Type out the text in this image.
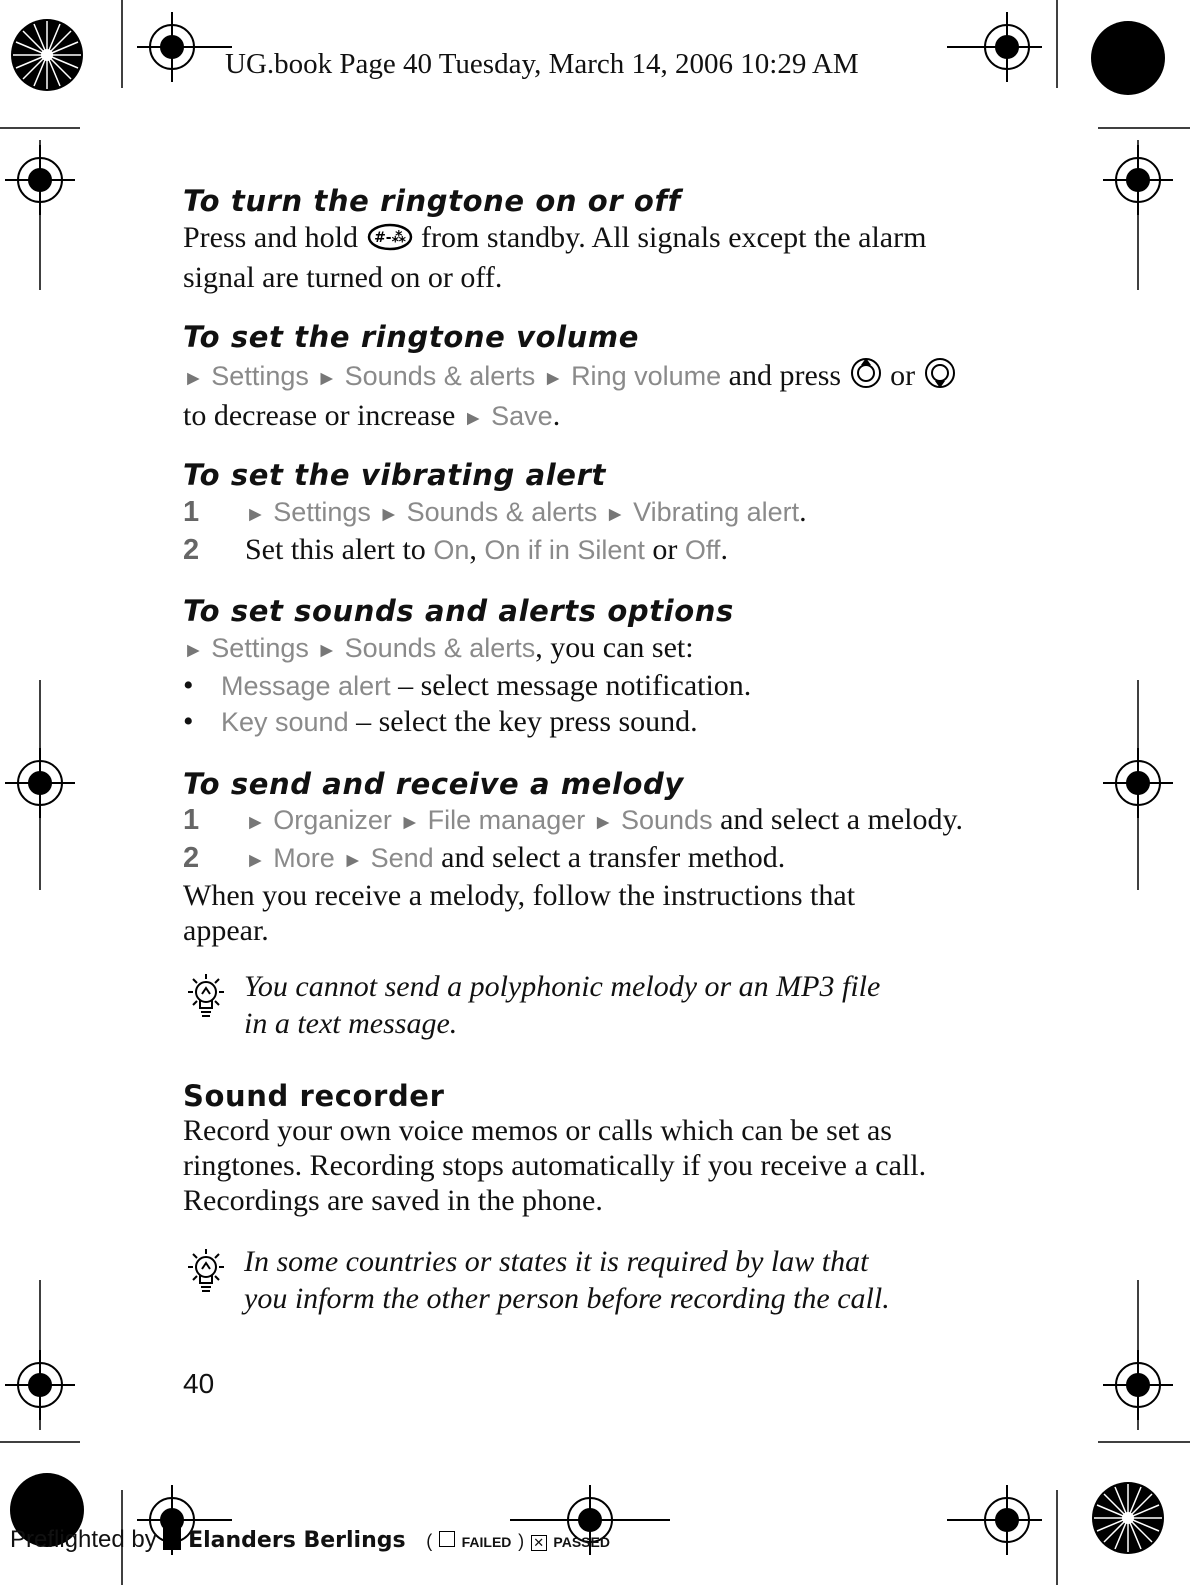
UG.book Page 40 Tuesday, March 14, 2006 10:29 AM
To turn the ringtone on or off
Press and hold #-⁂ from standby. All signals except the alarm
signal are turned on or off.
To set the ringtone volume
► Settings ► Sounds & alerts ► Ring volume and press or
to decrease or increase ► Save.
To set the vibrating alert
1 ► Settings ► Sounds & alerts ► Vibrating alert.
2 Set this alert to On, On if in Silent or Off.
To set sounds and alerts options
► Settings ► Sounds & alerts, you can set:
• Message alert – select message notification.
• Key sound – select the key press sound.
To send and receive a melody
1 ► Organizer ► File manager ► Sounds and select a melody.
2 ► More ► Send and select a transfer method.
When you receive a melody, follow the instructions that
appear.
You cannot send a polyphonic melody or an MP3 file
in a text message.
Sound recorder
Record your own voice memos or calls which can be set as
ringtones. Recording stops automatically if you receive a call.
Recordings are saved in the phone.
In some countries or states it is required by law that
you inform the other person before recording the call.
40
Preflighted by Elanders Berlings ( FAILED ) ✕ PASSED
